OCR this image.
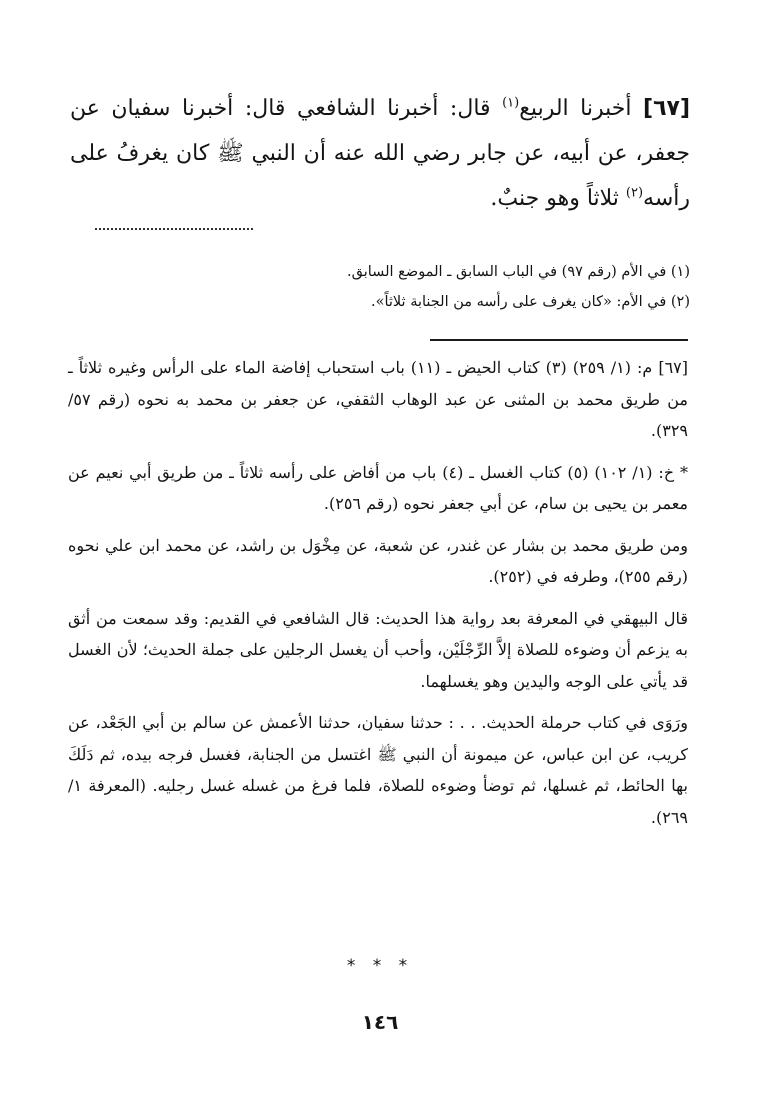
[٦٧] أخبرنا الربيع$^{(١)}$ قال: أخبرنا الشافعي قال: أخبرنا سفيان عن جعفر، عن أبيه، عن جابر رضي الله عنه أن النبي ﷺ كان يغرفُ على رأسه$^{(٢)}$ ثلاثاً وهو جنبٌ.

(١) في الأم (رقم ٩٧) في الباب السابق ـ الموضع السابق.

(٢) في الأم: «كان يغرف على رأسه من الجنابة ثلاثاً».

[٦٧] م: (١/ ٢٥٩) (٣) كتاب الحيض ـ (١١) باب استحباب إفاضة الماء على الرأس وغيره ثلاثاً ـ من طريق محمد بن المثنى عن عبد الوهاب الثقفي، عن جعفر بن محمد به نحوه (رقم ٥٧/ ٣٢٩).

* خ: (١/ ١٠٢) (٥) كتاب الغسل ـ (٤) باب من أفاض على رأسه ثلاثاً ـ من طريق أبي نعيم عن معمر بن يحيى بن سام، عن أبي جعفر نحوه (رقم ٢٥٦).

ومن طريق محمد بن بشار عن غندر، عن شعبة، عن مِخْوَل بن راشد، عن محمد ابن علي نحوه (رقم ٢٥٥)، وطرفه في (٢٥٢).

قال البيهقي في المعرفة بعد رواية هذا الحديث: قال الشافعي في القديم: وقد سمعت من أثق به يزعم أن وضوءه للصلاة إلاَّ الرِّجْلَيْن، وأحب أن يغسل الرجلين على جملة الحديث؛ لأن الغسل قد يأتي على الوجه واليدين وهو يغسلهما.

ورَوَى في كتاب حرملة الحديث. . . : حدثنا سفيان، حدثنا الأعمش عن سالم بن أبي الجَعْد، عن كريب، عن ابن عباس، عن ميمونة أن النبي ﷺ اغتسل من الجنابة، فغسل فرجه بيده، ثم دَلَكَ بها الحائط، ثم غسلها، ثم توضأ وضوءه للصلاة، فلما فرغ من غسله غسل رجليه. (المعرفة ١/ ٢٦٩).

* * *
١٤٦
